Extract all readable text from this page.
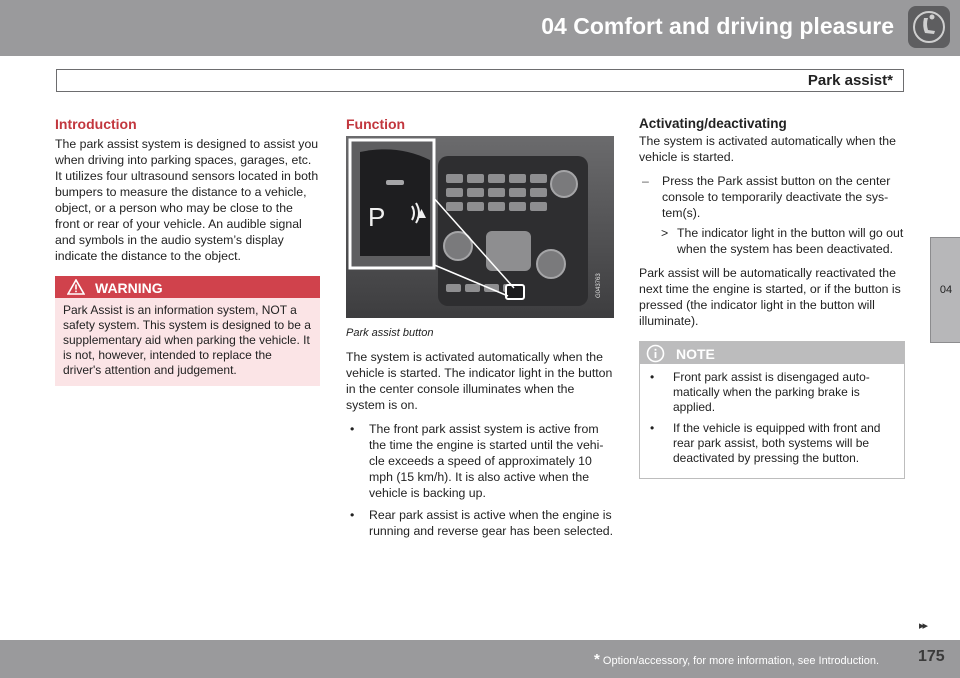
04 Comfort and driving pleasure
Park assist*
04
Introduction

The park assist system is designed to assist you when driving into parking spaces, garages, etc. It utilizes four ultrasound sensors located in both bumpers to measure the distance to a vehicle, object, or a person who may be close to the front or rear of your vehicle. An audible signal and symbols in the audio system’s display indicate the distance to the object.

WARNING
Park Assist is an information system, NOT a safety system. This system is designed to be a supplementary aid when parking the vehicle. It is not, however, intended to replace the driver's attention and judgement.
Function
G043763
P
Park assist button

The system is activated automatically when the vehicle is started. The indicator light in the button in the center console illuminates when the system is on.

• The front park assist system is active from the time the engine is started until the vehicle exceeds a speed of approximately 10 mph (15 km/h). It is also active when the vehicle is backing up.
• Rear park assist is active when the engine is running and reverse gear has been selected.
Activating/deactivating

The system is activated automatically when the vehicle is started.

– Press the Park assist button on the center console to temporarily deactivate the system(s).
> The indicator light in the button will go out when the system has been deactivated.

Park assist will be automatically reactivated the next time the engine is started, or if the button is pressed (the indicator light in the button will illuminate).

NOTE
• Front park assist is disengaged automatically when the parking brake is applied.
• If the vehicle is equipped with front and rear park assist, both systems will be deactivated by pressing the button.
▸▸
* Option/accessory, for more information, see Introduction. 175
